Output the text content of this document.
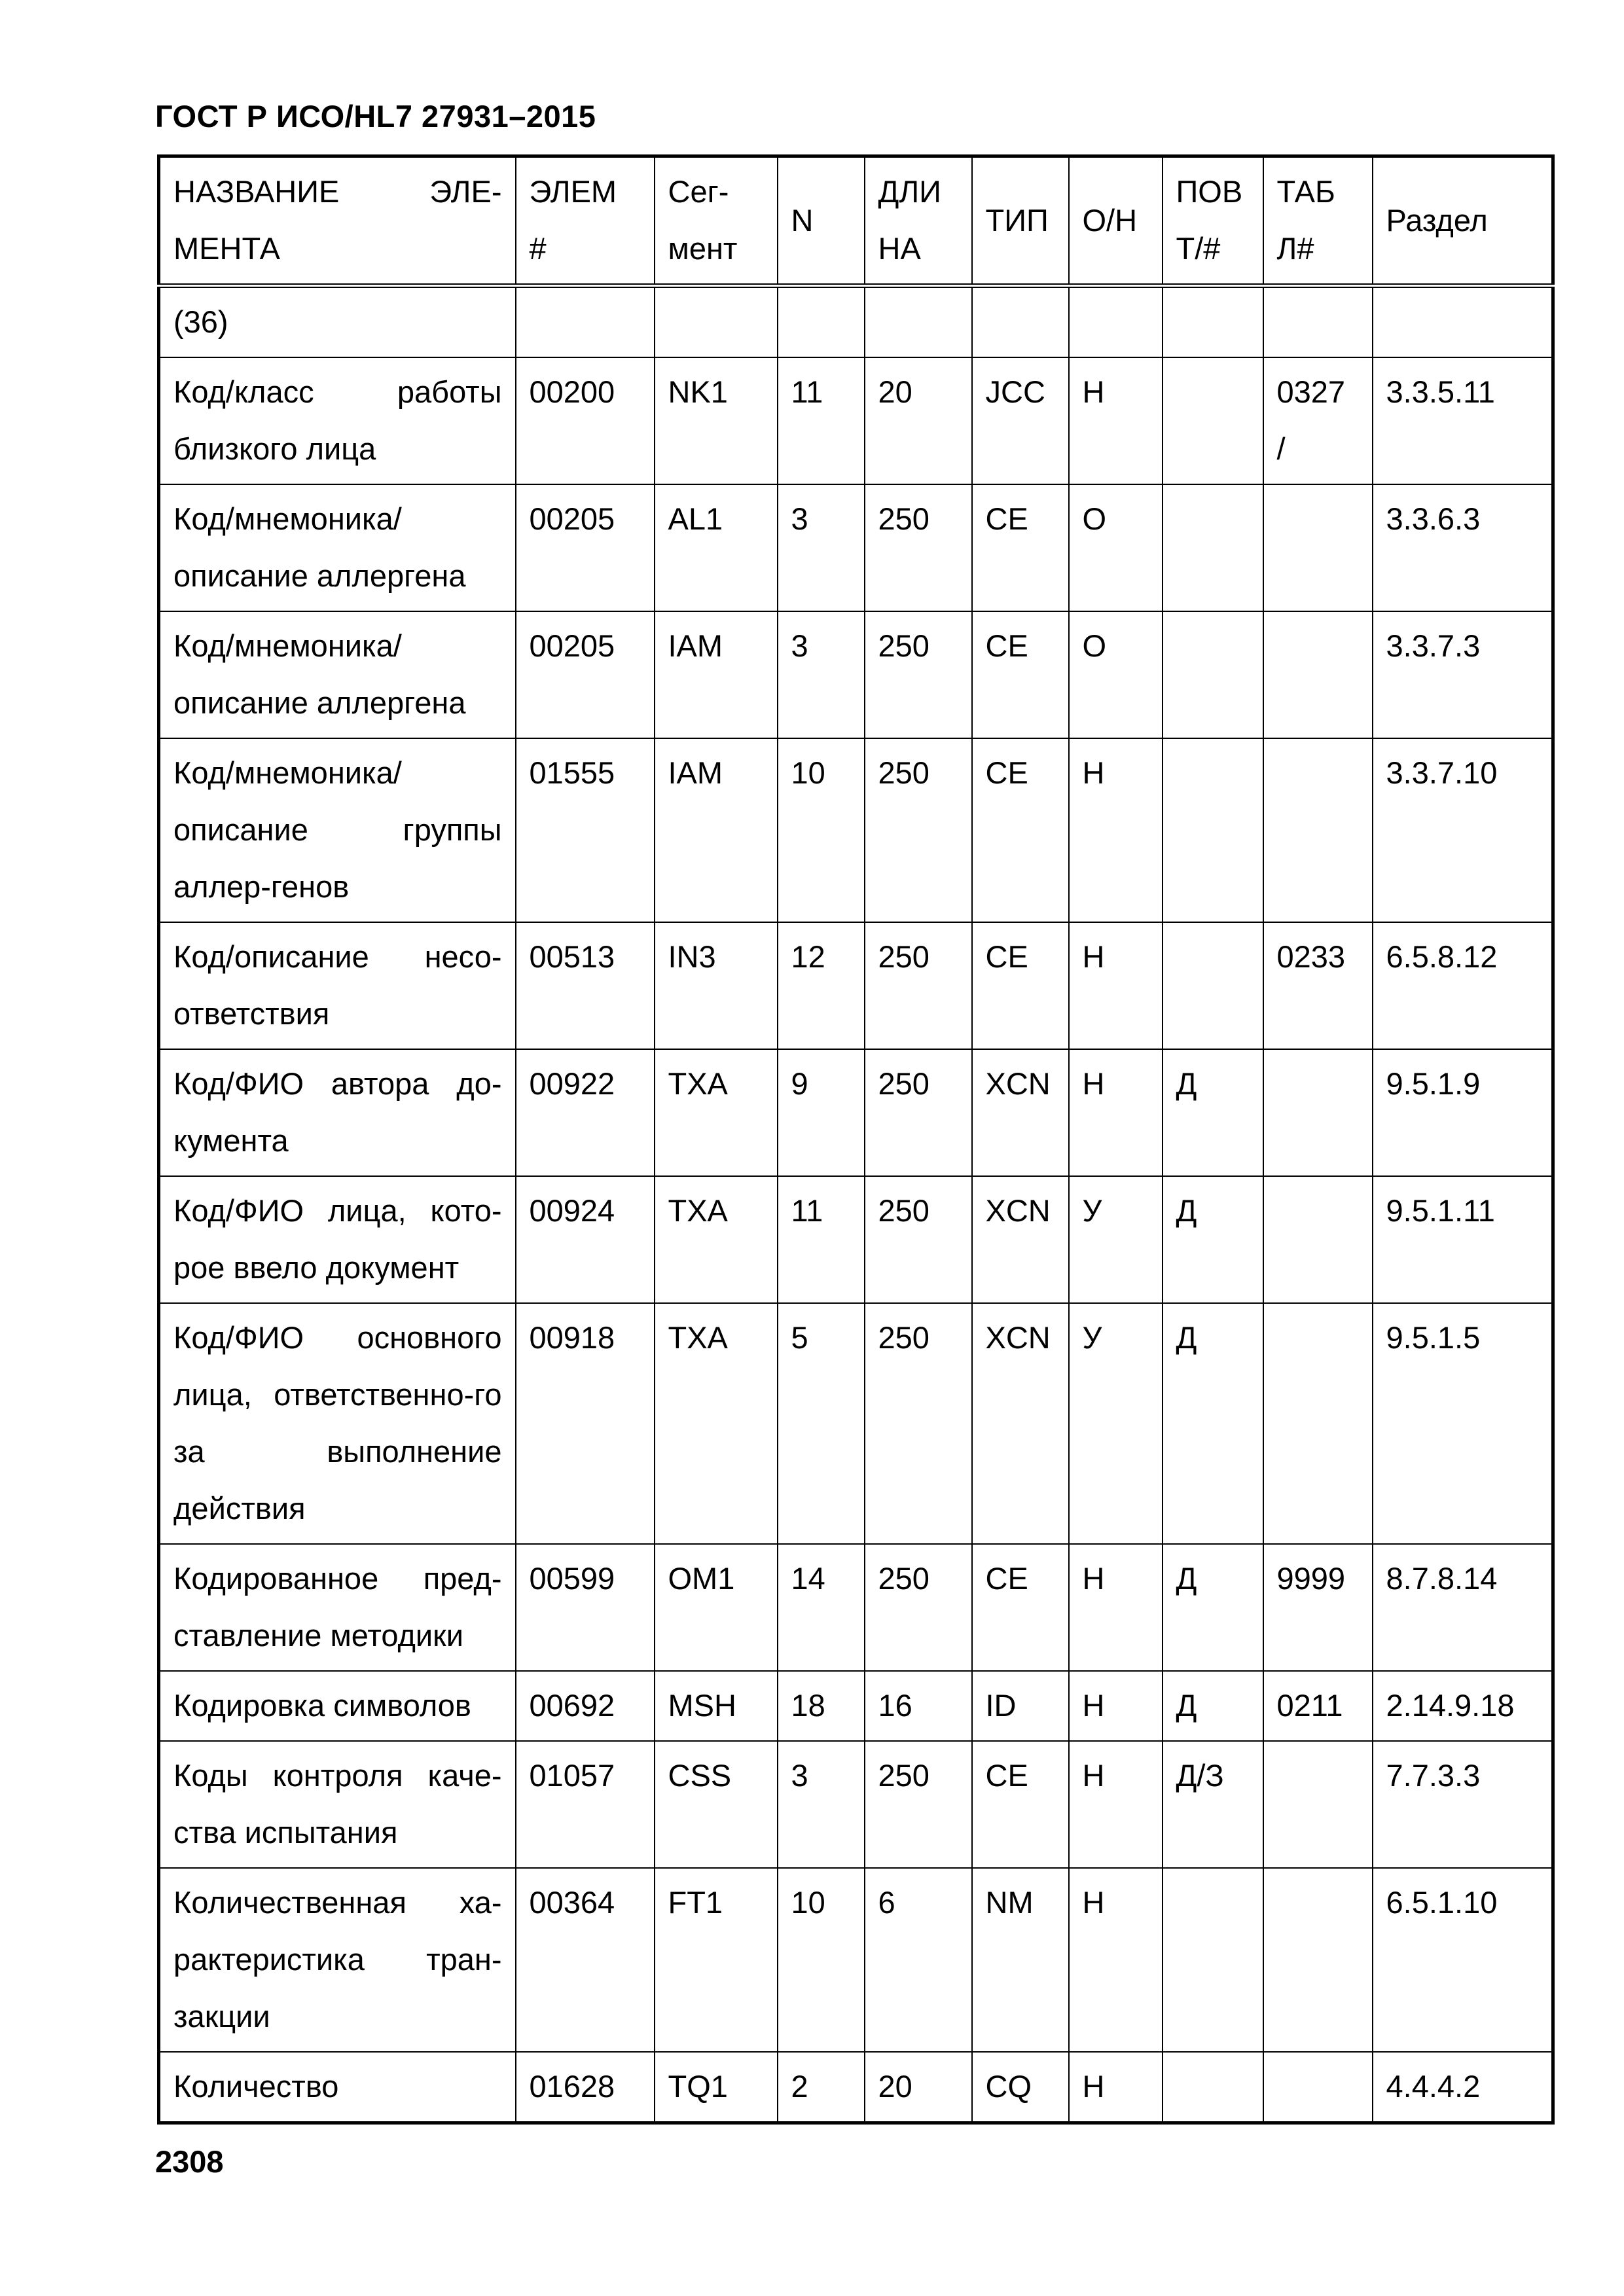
ГОСТ Р ИСО/HL7 27931–2015
НАЗВАНИЕ ЭЛЕ-МЕНТА	ЭЛЕМ #	Сег-мент	N	ДЛИ НА	ТИП	О/Н	ПОВ Т/#	ТАБ Л#	Раздел
(36)									
Код/класс работы близкого лица	00200	NK1	11	20	JCC	Н		0327 /	3.3.5.11
Код/мнемоника/описание аллергена	00205	AL1	3	250	CE	О			3.3.6.3
Код/мнемоника/описание аллергена	00205	IAM	3	250	CE	О			3.3.7.3
Код/мнемоника/описание группы аллер-генов	01555	IAM	10	250	CE	Н			3.3.7.10
Код/описание несо-ответствия	00513	IN3	12	250	CE	Н		0233	6.5.8.12
Код/ФИО автора до-кумента	00922	TXA	9	250	XCN	Н	Д		9.5.1.9
Код/ФИО лица, кото-рое ввело документ	00924	TXA	11	250	XCN	У	Д		9.5.1.11
Код/ФИО основного лица, ответственно-го за выполнение действия	00918	TXA	5	250	XCN	У	Д		9.5.1.5
Кодированное пред-ставление методики	00599	OM1	14	250	CE	Н	Д	9999	8.7.8.14
Кодировка символов	00692	MSH	18	16	ID	Н	Д	0211	2.14.9.18
Коды контроля каче-ства испытания	01057	CSS	3	250	CE	Н	Д/З		7.7.3.3
Количественная ха-рактеристика тран-закции	00364	FT1	10	6	NM	Н			6.5.1.10
Количество	01628	TQ1	2	20	CQ	Н			4.4.4.2
2308
